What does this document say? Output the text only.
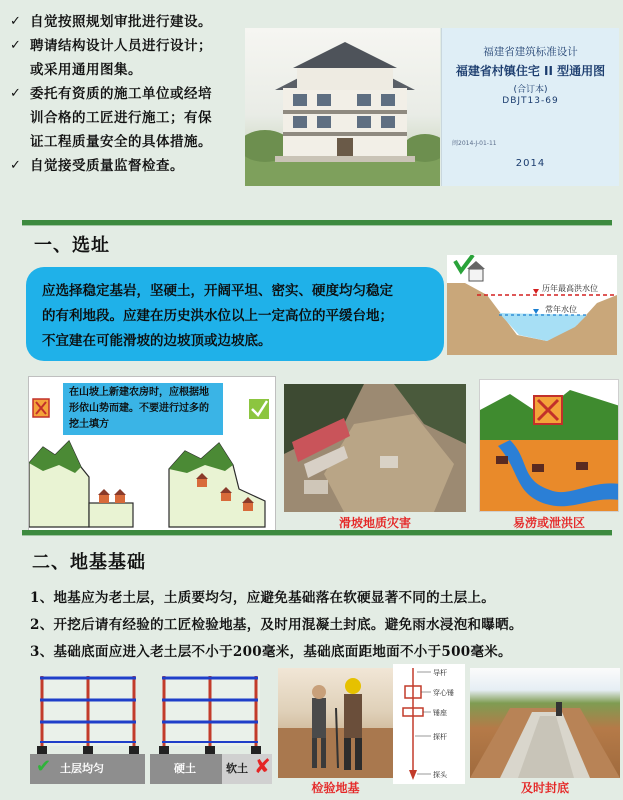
✓ 自觉按照规划审批进行建设。
✓ 聘请结构设计人员进行设计；
或采用通用图集。
✓ 委托有资质的施工单位或经培
训合格的工匠进行施工；有保
证工程质量安全的具体措施。
✓ 自觉接受质量监督检查。
福建省建筑标准设计
福建省村镇住宅 II 型通用图
(合订本)
DBJT13-69
闽2014-J-01-11
2014
一、选址
应选择稳定基岩，坚硬土，开阔平坦、密实、硬度均匀稳定
的有利地段。应建在历史洪水位以上一定高位的平缓台地；
不宜建在可能滑坡的边坡顶或边坡底。
历年最高洪水位
常年水位
在山坡上新建农房时，应根据地形依山势而建。不要进行过多的挖土填方
滑坡地质灾害	易涝或泄洪区
二、地基基础
1、地基应为老土层，土质要均匀，应避免基础落在软硬显著不同的土层上。
2、开挖后请有经验的工匠检验地基，及时用混凝土封底。避免雨水浸泡和曝晒。
3、基础底面应进入老土层不小于200毫米，基础底面距地面不小于500毫米。
✔ 土层均匀	硬土	软土 ✘
检验地基
导杆
穿心锤
锤座
探杆
探头
及时封底
